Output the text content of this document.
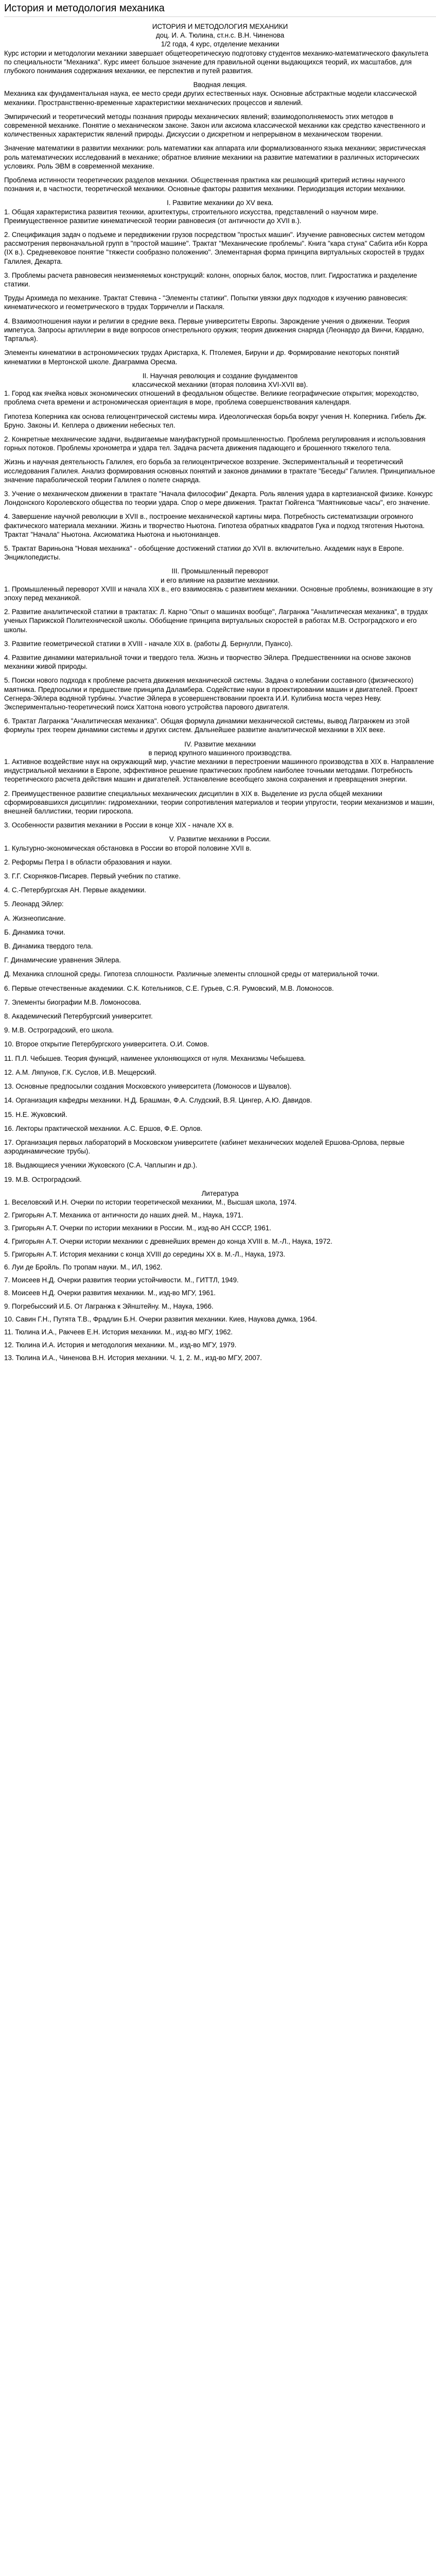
История и методология механика

ИСТОРИЯ И МЕТОДОЛОГИЯ МЕХАНИКИ

доц. И. А. Тюлина, ст.н.с. В.Н. Чиненова

1/2 года, 4 курс, отделение механики

Курс истории и методологии механики завершает общетеоретическую подготовку студентов механико-математического факультета по специальности "Механика". Курс имеет большое значение для правильной оценки выдающихся теорий, их масштабов, для глубокого понимания содержания механики, ее перспектив и путей развития.

Вводная лекция.

Механика как фундаментальная наука, ее место среди других естественных наук. Основные абстрактные модели классической механики. Пространственно-временные характеристики механических процессов и явлений.

Эмпирический и теоретический методы познания природы механических явлений; взаимодополняемость этих методов в современной механике. Понятие о механическом законе. Закон или аксиома классической механики как средство качественного и количественных характеристик явлений природы. Дискуссии о дискретном и непрерывном в механическом творении.

Значение математики в развитии механики: роль математики как аппарата или формализованного языка механики; эвристическая роль математических исследований в механике; обратное влияние механики на развитие математики в различных исторических условиях. Роль ЭВМ в современной механике.

Проблема истинности теоретических разделов механики. Общественная практика как решающий критерий истины научного познания и, в частности, теоретической механики. Основные факторы развития механики. Периодизация истории механики.

I. Развитие механики до XV века.

1. Общая характеристика развития техники, архитектуры, строительного искусства, представлений о научном мире. Преимущественное развитие кинематической теории равновесия (от античности до XVII в.).

2. Спецификация задач о подъеме и передвижении грузов посредством "простых машин". Изучение равновесных систем методом рассмотрения первоначальной групп в "простой машине". Трактат "Механические проблемы". Книга "кара стуна" Сабита ибн Корра (IX в.). Средневековое понятие "тяжести сообразно положению". Элементарная форма принципа виртуальных скоростей в трудах Галилея, Декарта.

3. Проблемы расчета равновесия неизменяемых конструкций: колонн, опорных балок, мостов, плит. Гидростатика и разделение статики.

Труды Архимеда по механике. Трактат Стевина - "Элементы статики". Попытки увязки двух подходов к изучению равновесия: кинематического и геометрического в трудах Торричелли и Паскаля.

4. Взаимоотношения науки и религии в средние века. Первые университеты Европы. Зарождение учения о движении. Теория импетуса. Запросы артиллерии в виде вопросов огнестрельного оружия; теория движения снаряда (Леонардо да Винчи, Кардано, Тарталья).

Элементы кинематики в астрономических трудах Аристарха, К. Птолемея, Бируни и др. Формирование некоторых понятий кинематики в Мертонской школе. Диаграмма Оресма.

II. Научная революция и создание фундаментов

классической механики (вторая половина XVI-XVII вв).

1. Город как ячейка новых экономических отношений в феодальном обществе. Великие географические открытия; мореходство, проблема счета времени и астрономическая ориентация в море, проблема совершенствования календаря.

Гипотеза Коперника как основа гелиоцентрической системы мира. Идеологическая борьба вокруг учения Н. Коперника. Гибель Дж. Бруно. Законы И. Кеплера о движении небесных тел.

2. Конкретные механические задачи, выдвигаемые мануфактурной промышленностью. Проблема регулирования и использования горных потоков. Проблемы хронометра и удара тел. Задача расчета движения падающего и брошенного тяжелого тела.

Жизнь и научная деятельность Галилея, его борьба за гелиоцентрическое воззрение. Экспериментальный и теоретический исследования Галилея. Анализ формирования основных понятий и законов динамики в трактате "Беседы" Галилея. Принципиальное значение параболической теории Галилея о полете снаряда.

3. Учение о механическом движении в трактате "Начала философии" Декарта. Роль явления удара в картезианской физике. Конкурс Лондонского Королевского общества по теории удара. Спор о мере движения. Трактат Гюйгенса "Маятниковые часы", его значение.

4. Завершение научной революции в XVII в., построение механической картины мира. Потребность систематизации огромного фактического материала механики. Жизнь и творчество Ньютона. Гипотеза обратных квадратов Гука и подход тяготения Ньютона. Трактат "Начала" Ньютона. Аксиоматика Ньютона и ньютонианцев.

5. Трактат Вариньона "Новая механика" - обобщение достижений статики до XVII в. включительно. Академик наук в Европе. Энциклопедисты.

III. Промышленный переворот

и его влияние на развитие механики.

1. Промышленный переворот XVIII и начала XIX в., его взаимосвязь с развитием механики. Основные проблемы, возникающие в эту эпоху перед механикой.

2. Развитие аналитической статики в трактатах: Л. Карно "Опыт о машинах вообще", Лагранжа "Аналитическая механика", в трудах ученых Парижской Политехнической школы. Обобщение принципа виртуальных скоростей в работах М.В. Остроградского и его школы.

3. Развитие геометрической статики в XVIII - начале XIX в. (работы Д. Бернулли, Пуансо).

4. Развитие динамики материальной точки и твердого тела. Жизнь и творчество Эйлера. Предшественники на основе законов механики живой природы.

5. Поиски нового подхода к проблеме расчета движения механической системы. Задача о колебании составного (физического) маятника. Предпосылки и предшествие принципа Даламбера. Содействие науки в проектировании машин и двигателей. Проект Сегнера-Эйлера водяной турбины. Участие Эйлера в усовершенствовании проекта И.И. Кулибина моста через Неву. Экспериментально-теоретический поиск Хаттона нового устройства парового двигателя.

6. Трактат Лагранжа "Аналитическая механика". Общая формула динамики механической системы, вывод Лагранжем из этой формулы трех теорем динамики системы и других систем. Дальнейшее развитие аналитической механики в XIX веке.

IV. Развитие механики

в период крупного машинного производства.

1. Активное воздействие наук на окружающий мир, участие механики в перестроении машинного производства в XIX в. Направление индустриальной механики в Европе, эффективное решение практических проблем наиболее точными методами. Потребность теоретического расчета действия машин и двигателей. Установление всеобщего закона сохранения и превращения энергии.

2. Преимущественное развитие специальных механических дисциплин в XIX в. Выделение из русла общей механики сформировавшихся дисциплин: гидромеханики, теории сопротивления материалов и теории упругости, теории механизмов и машин, внешней баллистики, теории гироскопа.

3. Особенности развития механики в России в конце XIX - начале XX в.

V. Развитие механики в России.

1. Культурно-экономическая обстановка в России во второй половине XVII в.

2. Реформы Петра I в области образования и науки.

3. Г.Г. Скорняков-Писарев. Первый учебник по статике.

4. С.-Петербургская АН. Первые академики.

5. Леонард Эйлер:

А. Жизнеописание.

Б. Динамика точки.

В. Динамика твердого тела.

Г. Динамические уравнения Эйлера.

Д. Механика сплошной среды. Гипотеза сплошности. Различные элементы сплошной среды от материальной точки.

6. Первые отечественные академики. С.К. Котельников, С.Е. Гурьев, С.Я. Румовский, М.В. Ломоносов.

7. Элементы биографии М.В. Ломоносова.

8. Академический Петербургский университет.

9. М.В. Остроградский, его школа.

10. Второе открытие Петербургского университета. О.И. Сомов.

11. П.Л. Чебышев. Теория функций, наименее уклоняющихся от нуля. Механизмы Чебышева.

12. А.М. Ляпунов, Г.К. Суслов, И.В. Мещерский.

13. Основные предпосылки создания Московского университета (Ломоносов и Шувалов).

14. Организация кафедры механики. Н.Д. Брашман, Ф.А. Слудский, В.Я. Цингер, А.Ю. Давидов.

15. Н.Е. Жуковский.

16. Лекторы практической механики. А.С. Ершов, Ф.Е. Орлов.

17. Организация первых лабораторий в Московском университете (кабинет механических моделей Ершова-Орлова, первые аэродинамические трубы).

18. Выдающиеся ученики Жуковского (С.А. Чаплыгин и др.).

19. М.В. Остроградский.

Литература

1. Веселовский И.Н. Очерки по истории теоретической механики, М., Высшая школа, 1974.

2. Григорьян А.Т. Механика от античности до наших дней. М., Наука, 1971.

3. Григорьян А.Т. Очерки по истории механики в России. М., изд-во АН СССР, 1961.

4. Григорьян А.Т. Очерки истории механики с древнейших времен до конца XVIII в. М.-Л., Наука, 1972.

5. Григорьян А.Т. История механики с конца XVIII до середины XX в. М.-Л., Наука, 1973.

6. Луи де Бройль. По тропам науки. М., ИЛ, 1962.

7. Моисеев Н.Д. Очерки развития теории устойчивости. М., ГИТТЛ, 1949.

8. Моисеев Н.Д. Очерки развития механики. М., изд-во МГУ, 1961.

9. Погребысский И.Б. От Лагранжа к Эйнштейну. М., Наука, 1966.

10. Савин Г.Н., Путята Т.В., Фрадлин Б.Н. Очерки развития механики. Киев, Наукова думка, 1964.

11. Тюлина И.А., Ракчеев Е.Н. История механики. М., изд-во МГУ, 1962.

12. Тюлина И.А. История и методология механики. М., изд-во МГУ, 1979.

13. Тюлина И.А., Чиненова В.Н. История механики. Ч. 1, 2. М., изд-во МГУ, 2007.
